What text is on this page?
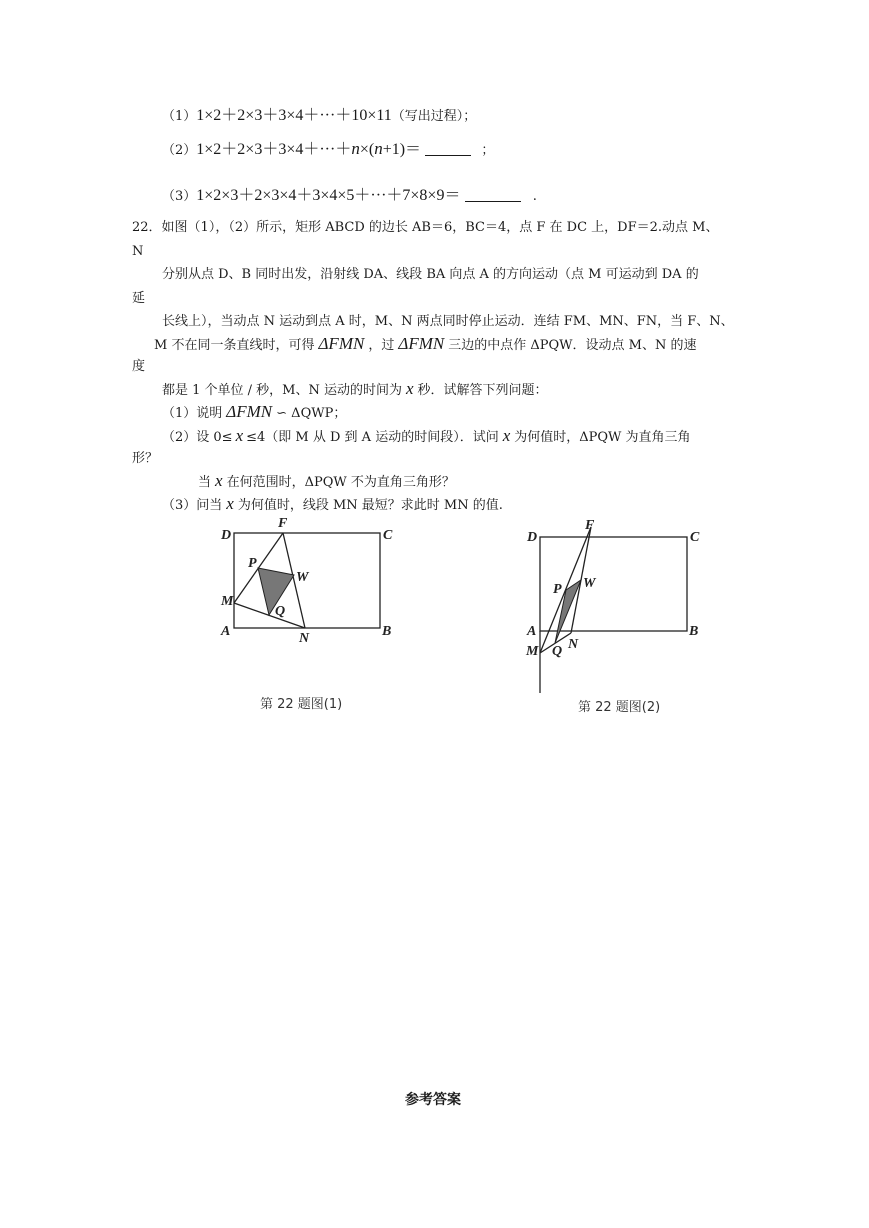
（1）1×2＋2×3＋3×4＋···＋10×11（写出过程）；
（2）1×2＋2×3＋3×4＋···＋n×(n+1)＝	；
（3）1×2×3＋2×3×4＋3×4×5＋···＋7×8×9＝	.
22．如图（1），（2）所示，矩形 ABCD 的边长 AB＝6，BC＝4，点 F 在 DC 上，DF＝2.动点 M、
N
分别从点 D、B 同时出发，沿射线 DA、线段 BA 向点 A 的方向运动（点 M 可运动到 DA 的
延
长线上），当动点 N 运动到点 A 时，M、N 两点同时停止运动．连结 FM、MN、FN，当 F、N、
M 不在同一条直线时，可得 ΔFMN ，过 ΔFMN 三边的中点作 ΔPQW．设动点 M、N 的速
度
都是 1 个单位 / 秒，M、N 运动的时间为 x 秒．试解答下列问题：
（1）说明 ΔFMN ∽ ΔQWP；
（2）设 0≤ x ≤4（即 M 从 D 到 A 运动的时间段）．试问 x 为何值时，ΔPQW 为直角三角
形？
当 x 在何范围时，ΔPQW 不为直角三角形？
（3）问当 x 为何值时，线段 MN 最短？求此时 MN 的值.
D
F
C
P
W
M
Q
A	N	B
第 22 题图(1)
D
F
C
P W
A
M Q N
B
第 22 题图(2)
参考答案
